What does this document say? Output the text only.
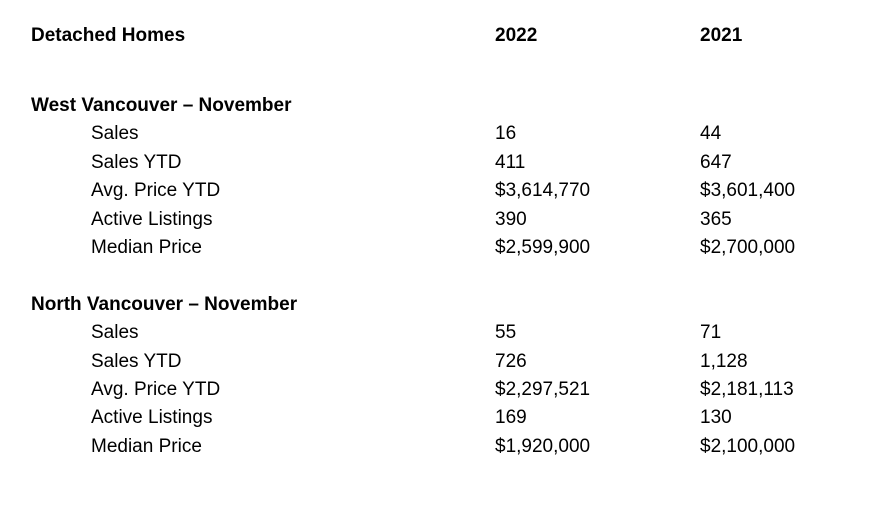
Detached Homes	2022	2021
West Vancouver – November
Sales	16	44
Sales YTD	411	647
Avg. Price YTD	$3,614,770	$3,601,400
Active Listings	390	365
Median Price	$2,599,900	$2,700,000
North Vancouver – November
Sales	55	71
Sales YTD	726	1,128
Avg. Price YTD	$2,297,521	$2,181,113
Active Listings	169	130
Median Price	$1,920,000	$2,100,000
